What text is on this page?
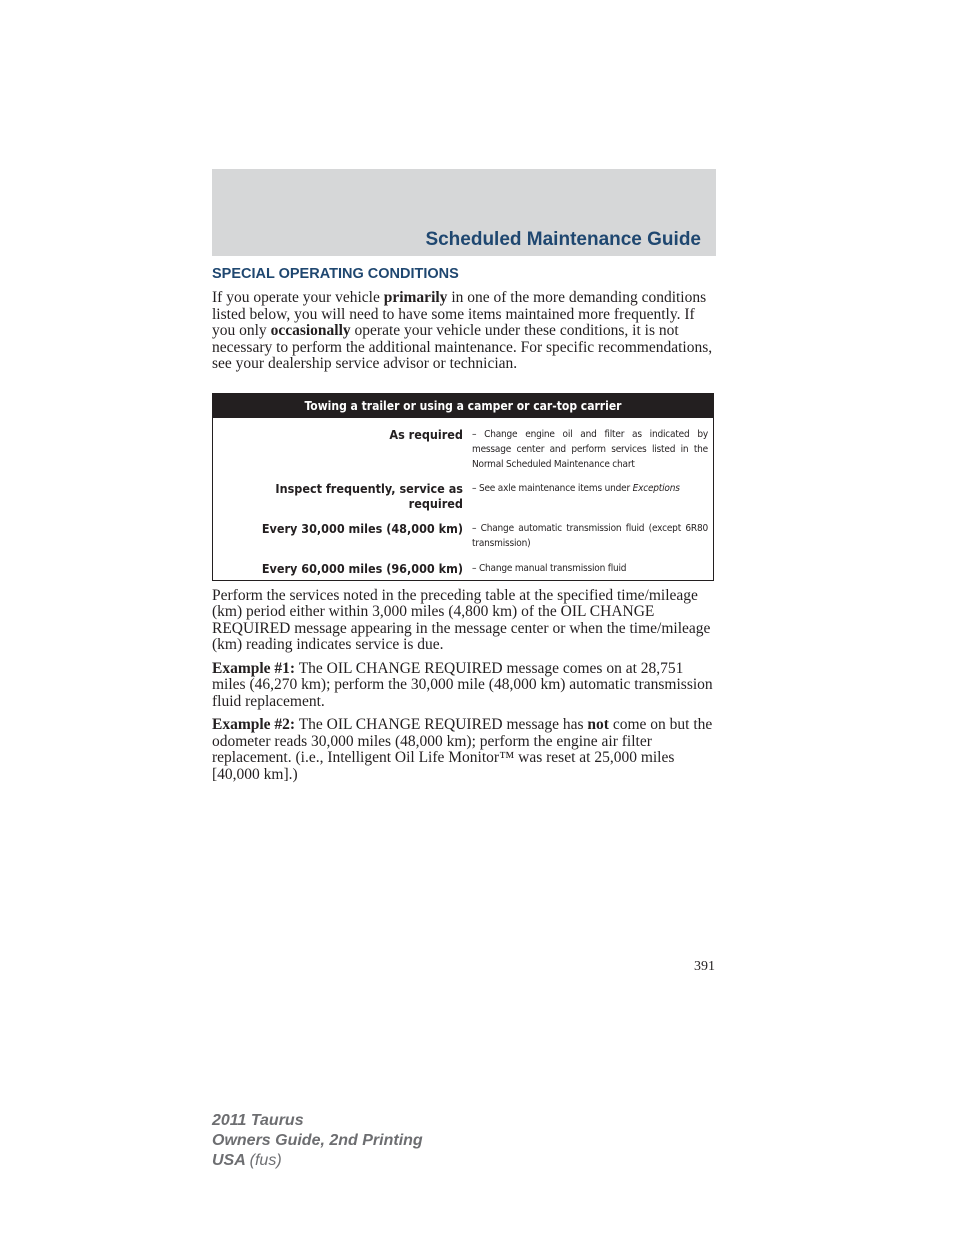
Scheduled Maintenance Guide
SPECIAL OPERATING CONDITIONS

If you operate your vehicle primarily in one of the more demanding conditions listed below, you will need to have some items maintained more frequently. If you only occasionally operate your vehicle under these conditions, it is not necessary to perform the additional maintenance. For specific recommendations, see your dealership service advisor or technician.

Towing a trailer or using a camper or car-top carrier	
As required	– Change engine oil and filter as indicated by message center and perform services listed in the Normal Scheduled Maintenance chart
Inspect frequently, service as required	– See axle maintenance items under Exceptions
Every 30,000 miles (48,000 km)	– Change automatic transmission fluid (except 6R80 transmission)
Every 60,000 miles (96,000 km)	– Change manual transmission fluid

Perform the services noted in the preceding table at the specified time/mileage (km) period either within 3,000 miles (4,800 km) of the OIL CHANGE REQUIRED message appearing in the message center or when the time/mileage (km) reading indicates service is due.

Example #1: The OIL CHANGE REQUIRED message comes on at 28,751 miles (46,270 km); perform the 30,000 mile (48,000 km) automatic transmission fluid replacement.

Example #2: The OIL CHANGE REQUIRED message has not come on but the odometer reads 30,000 miles (48,000 km); perform the engine air filter replacement. (i.e., Intelligent Oil Life Monitor™ was reset at 25,000 miles [40,000 km].)

391
2011 Taurus
Owners Guide, 2nd Printing
USA (fus)
